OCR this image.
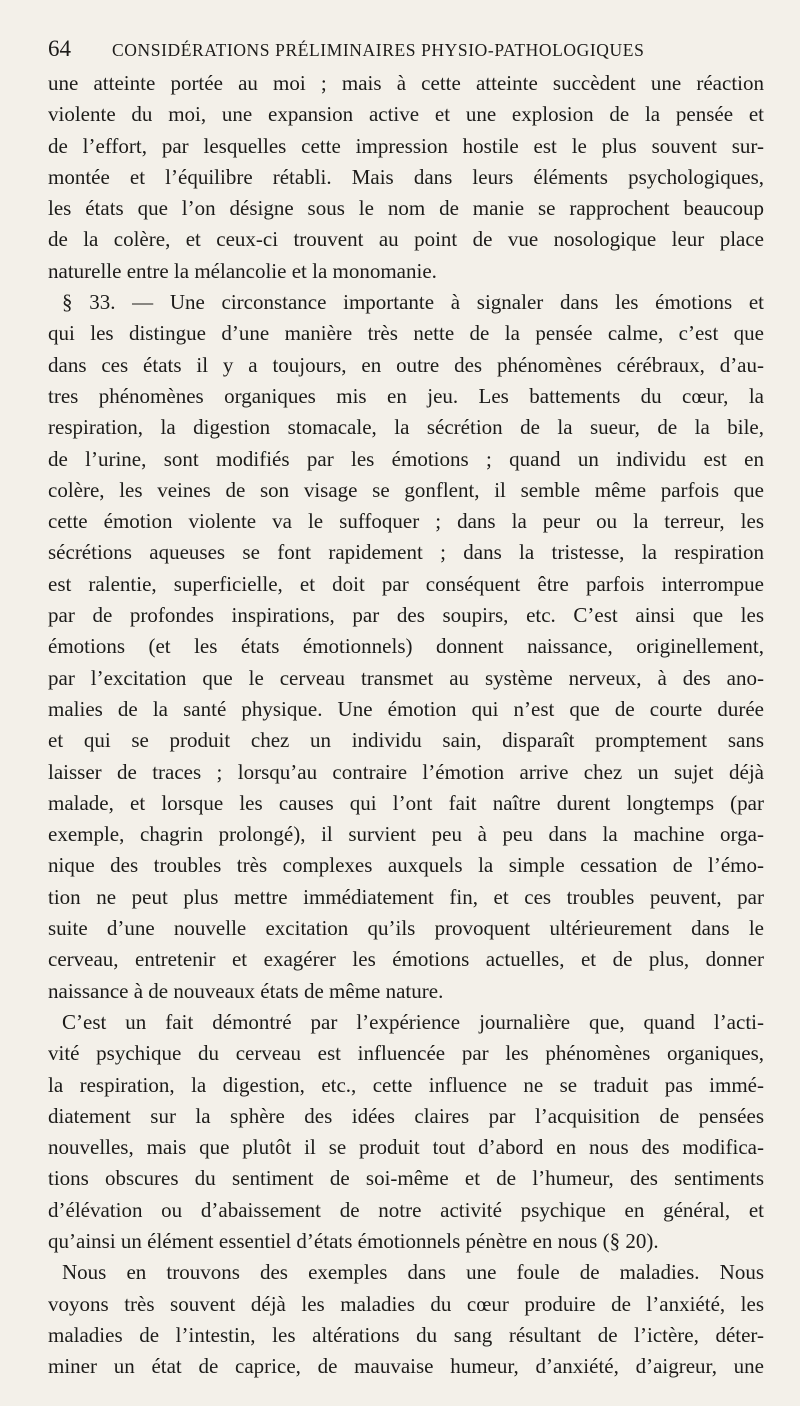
64	CONSIDÉRATIONS PRÉLIMINAIRES PHYSIO-PATHOLOGIQUES
une atteinte portée au moi ; mais à cette atteinte succèdent une réaction
violente du moi, une expansion active et une explosion de la pensée et
de l’effort, par lesquelles cette impression hostile est le plus souvent sur-
montée et l’équilibre rétabli. Mais dans leurs éléments psychologiques,
les états que l’on désigne sous le nom de manie se rapprochent beaucoup
de la colère, et ceux-ci trouvent au point de vue nosologique leur place
naturelle entre la mélancolie et la monomanie.
§ 33. — Une circonstance importante à signaler dans les émotions et
qui les distingue d’une manière très nette de la pensée calme, c’est que
dans ces états il y a toujours, en outre des phénomènes cérébraux, d’au-
tres phénomènes organiques mis en jeu. Les battements du cœur, la
respiration, la digestion stomacale, la sécrétion de la sueur, de la bile,
de l’urine, sont modifiés par les émotions ; quand un individu est en
colère, les veines de son visage se gonflent, il semble même parfois que
cette émotion violente va le suffoquer ; dans la peur ou la terreur, les
sécrétions aqueuses se font rapidement ; dans la tristesse, la respiration
est ralentie, superficielle, et doit par conséquent être parfois interrompue
par de profondes inspirations, par des soupirs, etc. C’est ainsi que les
émotions (et les états émotionnels) donnent naissance, originellement,
par l’excitation que le cerveau transmet au système nerveux, à des ano-
malies de la santé physique. Une émotion qui n’est que de courte durée
et qui se produit chez un individu sain, disparaît promptement sans
laisser de traces ; lorsqu’au contraire l’émotion arrive chez un sujet déjà
malade, et lorsque les causes qui l’ont fait naître durent longtemps (par
exemple, chagrin prolongé), il survient peu à peu dans la machine orga-
nique des troubles très complexes auxquels la simple cessation de l’émo-
tion ne peut plus mettre immédiatement fin, et ces troubles peuvent, par
suite d’une nouvelle excitation qu’ils provoquent ultérieurement dans le
cerveau, entretenir et exagérer les émotions actuelles, et de plus, donner
naissance à de nouveaux états de même nature.
C’est un fait démontré par l’expérience journalière que, quand l’acti-
vité psychique du cerveau est influencée par les phénomènes organiques,
la respiration, la digestion, etc., cette influence ne se traduit pas immé-
diatement sur la sphère des idées claires par l’acquisition de pensées
nouvelles, mais que plutôt il se produit tout d’abord en nous des modifica-
tions obscures du sentiment de soi-même et de l’humeur, des sentiments
d’élévation ou d’abaissement de notre activité psychique en général, et
qu’ainsi un élément essentiel d’états émotionnels pénètre en nous (§ 20).
Nous en trouvons des exemples dans une foule de maladies. Nous
voyons très souvent déjà les maladies du cœur produire de l’anxiété, les
maladies de l’intestin, les altérations du sang résultant de l’ictère, déter-
miner un état de caprice, de mauvaise humeur, d’anxiété, d’aigreur, une
